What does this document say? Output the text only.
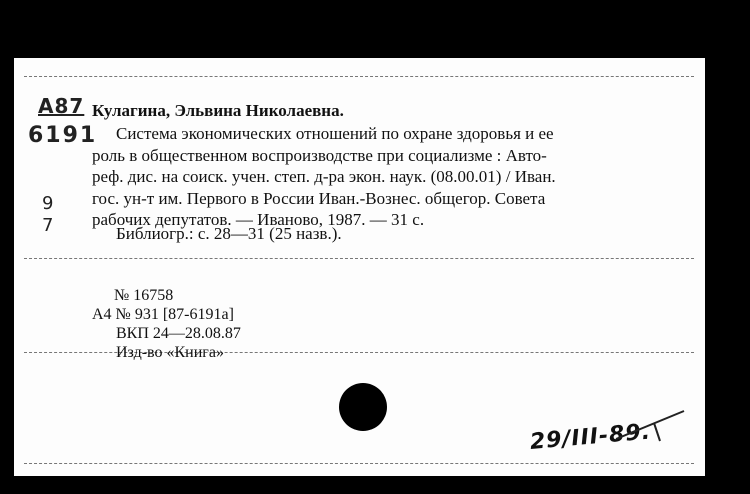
А87
6191
9
7
Кулагина, Эльвина Николаевна.
Система экономических отношений по охране здоровья и ее
роль в общественном воспроизводстве при социализме : Авто-
реф. дис. на соиск. учен. степ. д-ра экон. наук. (08.00.01) / Иван.
гос. ун-т им. Первого в России Иван.-Вознес. общегор. Совета
рабочих депутатов. — Иваново, 1987. — 31 с.
Библиогр.: с. 28—31 (25 назв.).
№ 16758
А4 № 931 [87-6191а]
ВКП 24—28.08.87
Изд-во «Книга»
29/III-89.
